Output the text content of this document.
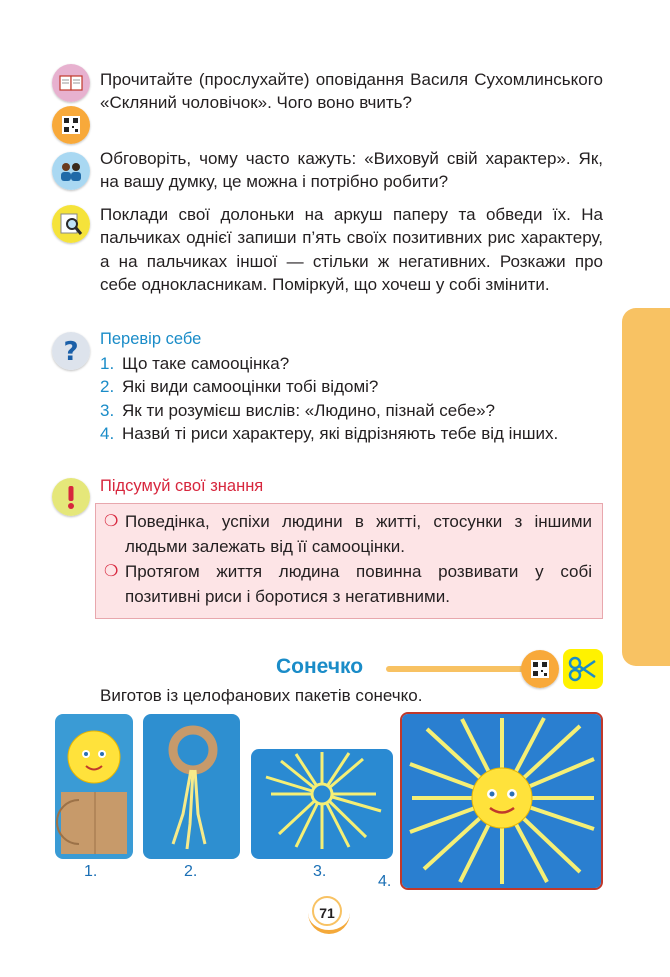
Прочитайте (прослухайте) оповідання Василя Сухомлинського «Скляний чоловічок». Чого воно вчить?

Обговоріть, чому часто кажуть: «Виховуй свій характер». Як, на вашу думку, це можна і потрібно робити?

Поклади свої долоньки на аркуш паперу та обведи їх. На пальчиках однієї запиши п’ять своїх позитивних рис характеру, а на пальчиках іншої — стільки ж негативних. Розкажи про себе однокласникам. Поміркуй, що хочеш у собі змінити.

? Перевір себе

1. Що таке самооцінка?
2. Які види самооцінки тобі відомі?
3. Як ти розумієш вислів: «Людино, пізнай себе»?
4. Назви́ ті риси характеру, які відрізняють тебе від інших.

Підсумуй свої знання

❍ Поведінка, успіхи людини в житті, стосунки з іншими людьми залежать від її самооцінки.
❍ Протягом життя людина повинна розвивати у собі позитивні риси і боротися з негативними.

Сонечко

Виготов із целофанових пакетів сонечко.

1.	2.	3.
4.
71
